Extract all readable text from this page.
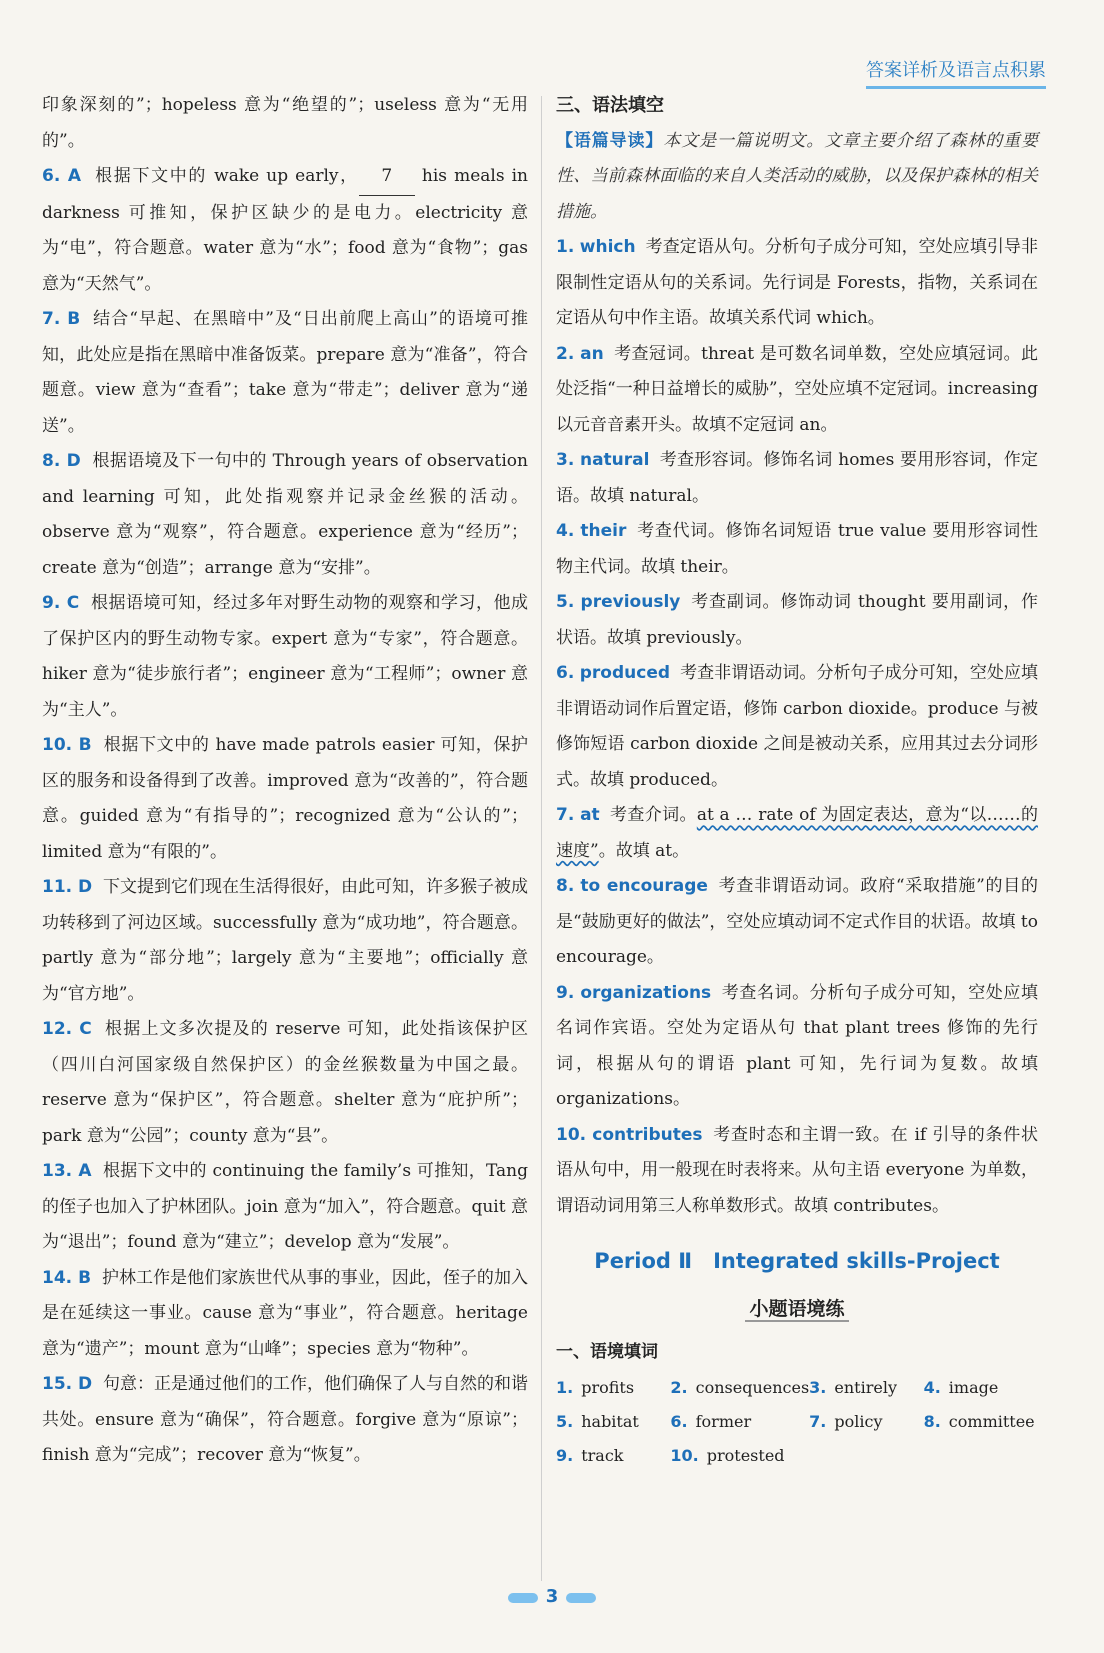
答案详析及语言点积累

印象深刻的”；hopeless 意为“绝望的”；useless 意为“无用的”。

6. A 根据下文中的 wake up early， 7 his meals in darkness 可推知，保护区缺少的是电力。electricity 意为“电”，符合题意。water 意为“水”；food 意为“食物”；gas 意为“天然气”。

7. B 结合“早起、在黑暗中”及“日出前爬上高山”的语境可推知，此处应是指在黑暗中准备饭菜。prepare 意为“准备”，符合题意。view 意为“查看”；take 意为“带走”；deliver 意为“递送”。

8. D 根据语境及下一句中的 Through years of observation and learning 可知，此处指观察并记录金丝猴的活动。observe 意为“观察”，符合题意。experience 意为“经历”；create 意为“创造”；arrange 意为“安排”。

9. C 根据语境可知，经过多年对野生动物的观察和学习，他成了保护区内的野生动物专家。expert 意为“专家”，符合题意。hiker 意为“徒步旅行者”；engineer 意为“工程师”；owner 意为“主人”。

10. B 根据下文中的 have made patrols easier 可知，保护区的服务和设备得到了改善。improved 意为“改善的”，符合题意。guided 意为“有指导的”；recognized 意为“公认的”；limited 意为“有限的”。

11. D 下文提到它们现在生活得很好，由此可知，许多猴子被成功转移到了河边区域。successfully 意为“成功地”，符合题意。partly 意为“部分地”；largely 意为“主要地”；officially 意为“官方地”。

12. C 根据上文多次提及的 reserve 可知，此处指该保护区（四川白河国家级自然保护区）的金丝猴数量为中国之最。reserve 意为“保护区”，符合题意。shelter 意为“庇护所”；park 意为“公园”；county 意为“县”。

13. A 根据下文中的 continuing the family’s 可推知，Tang 的侄子也加入了护林团队。join 意为“加入”，符合题意。quit 意为“退出”；found 意为“建立”；develop 意为“发展”。

14. B 护林工作是他们家族世代从事的事业，因此，侄子的加入是在延续这一事业。cause 意为“事业”，符合题意。heritage 意为“遗产”；mount 意为“山峰”；species 意为“物种”。

15. D 句意：正是通过他们的工作，他们确保了人与自然的和谐共处。ensure 意为“确保”，符合题意。forgive 意为“原谅”；finish 意为“完成”；recover 意为“恢复”。

三、语法填空

【语篇导读】本文是一篇说明文。文章主要介绍了森林的重要性、当前森林面临的来自人类活动的威胁，以及保护森林的相关措施。

1. which 考查定语从句。分析句子成分可知，空处应填引导非限制性定语从句的关系词。先行词是 Forests，指物，关系词在定语从句中作主语。故填关系代词 which。

2. an 考查冠词。threat 是可数名词单数，空处应填冠词。此处泛指“一种日益增长的威胁”，空处应填不定冠词。increasing 以元音音素开头。故填不定冠词 an。

3. natural 考查形容词。修饰名词 homes 要用形容词，作定语。故填 natural。

4. their 考查代词。修饰名词短语 true value 要用形容词性物主代词。故填 their。

5. previously 考查副词。修饰动词 thought 要用副词，作状语。故填 previously。

6. produced 考查非谓语动词。分析句子成分可知，空处应填非谓语动词作后置定语，修饰 carbon dioxide。produce 与被修饰短语 carbon dioxide 之间是被动关系，应用其过去分词形式。故填 produced。

7. at 考查介词。at a … rate of 为固定表达，意为“以……的速度”。故填 at。

8. to encourage 考查非谓语动词。政府“采取措施”的目的是“鼓励更好的做法”，空处应填动词不定式作目的状语。故填 to encourage。

9. organizations 考查名词。分析句子成分可知，空处应填名词作宾语。空处为定语从句 that plant trees 修饰的先行词，根据从句的谓语 plant 可知，先行词为复数。故填 organizations。

10. contributes 考查时态和主谓一致。在 if 引导的条件状语从句中，用一般现在时表将来。从句主语 everyone 为单数，谓语动词用第三人称单数形式。故填 contributes。

Period Ⅱ　Integrated skills-Project
小题语境练

一、语境填词

1. profits	2. consequences 3. entirely	4. image
5. habitat	6. former	7. policy	8. committee
9. track	10. protested
3
